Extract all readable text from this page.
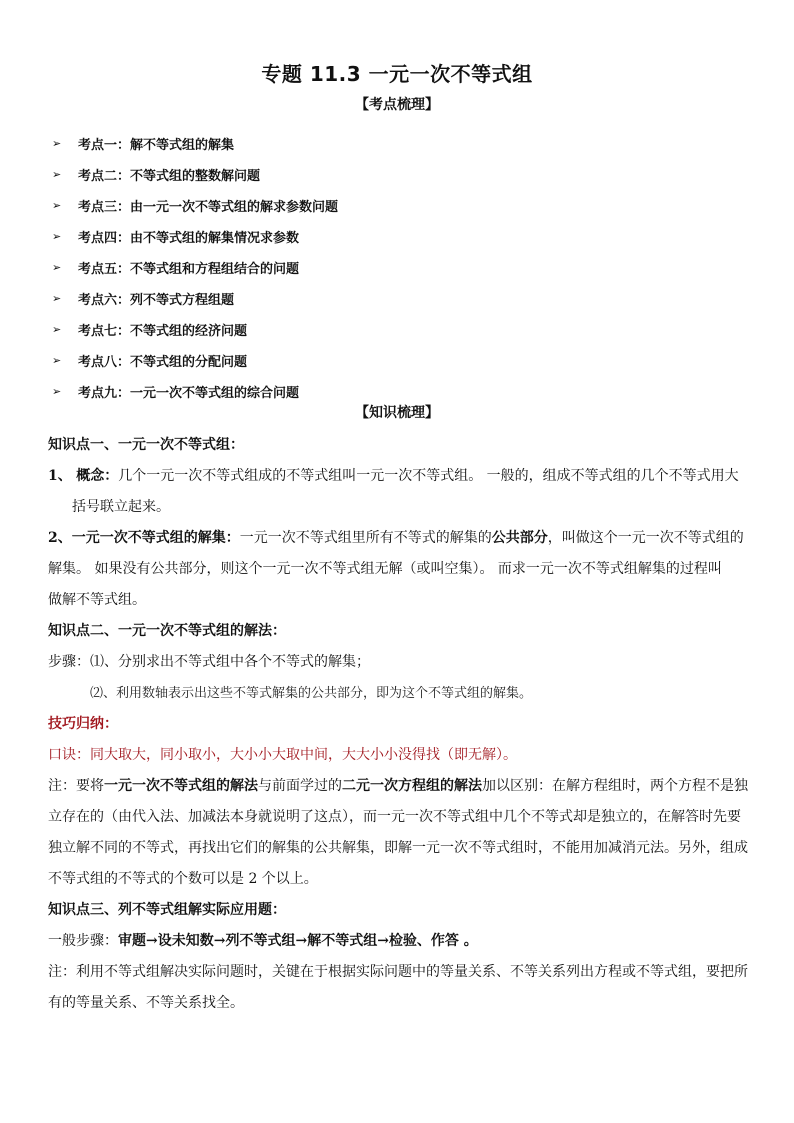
专题 11.3 一元一次不等式组
【考点梳理】
➢	考点一：解不等式组的解集
➢	考点二：不等式组的整数解问题
➢	考点三：由一元一次不等式组的解求参数问题
➢	考点四：由不等式组的解集情况求参数
➢	考点五：不等式组和方程组结合的问题
➢	考点六：列不等式方程组题
➢	考点七：不等式组的经济问题
➢	考点八：不等式组的分配问题
➢	考点九：一元一次不等式组的综合问题
【知识梳理】
知识点一、一元一次不等式组：
1、 概念：几个一元一次不等式组成的不等式组叫一元一次不等式组。 一般的，组成不等式组的几个不等式用大
括号联立起来。
2、一元一次不等式组的解集：一元一次不等式组里所有不等式的解集的公共部分，叫做这个一元一次不等式组的
解集。 如果没有公共部分，则这个一元一次不等式组无解（或叫空集）。 而求一元一次不等式组解集的过程叫
做解不等式组。
知识点二、一元一次不等式组的解法：
步骤：⑴、分别求出不等式组中各个不等式的解集；
⑵、利用数轴表示出这些不等式解集的公共部分，即为这个不等式组的解集。
技巧归纳：
口诀：同大取大，同小取小，大小小大取中间，大大小小没得找（即无解）。
注：要将一元一次不等式组的解法与前面学过的二元一次方程组的解法加以区别：在解方程组时，两个方程不是独
立存在的（由代入法、加减法本身就说明了这点），而一元一次不等式组中几个不等式却是独立的，在解答时先要
独立解不同的不等式，再找出它们的解集的公共解集，即解一元一次不等式组时，不能用加减消元法。另外，组成
不等式组的不等式的个数可以是 2 个以上。
知识点三、列不等式组解实际应用题：
一般步骤：审题→设未知数→列不等式组→解不等式组→检验、作答 。
注：利用不等式组解决实际问题时，关键在于根据实际问题中的等量关系、不等关系列出方程或不等式组，要把所
有的等量关系、不等关系找全。
